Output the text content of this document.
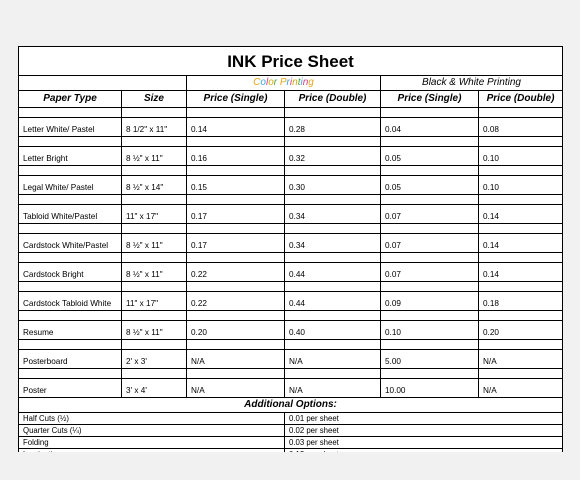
INK Price Sheet					
		Color Printing		Black & White Printing	
Paper Type	Size	Price (Single)	Price (Double)	Price (Single)	Price (Double)

Letter White/ Pastel	8 1/2" x 11"	0.14	0.28	0.04	0.08

Letter Bright	8 ½" x 11"	0.16	0.32	0.05	0.10

Legal White/ Pastel	8 ½" x 14"	0.15	0.30	0.05	0.10

Tabloid White/Pastel	11" x 17"	0.17	0.34	0.07	0.14

Cardstock White/Pastel	8 ½" x 11"	0.17	0.34	0.07	0.14

Cardstock Bright	8 ½" x 11"	0.22	0.44	0.07	0.14

Cardstock Tabloid White	11" x 17"	0.22	0.44	0.09	0.18

Resume	8 ½" x 11"	0.20	0.40	0.10	0.20

Posterboard	2' x 3'	N/A	N/A	5.00	N/A

Poster	3' x 4'	N/A	N/A	10.00	N/A
Additional Options:					
Half Cuts (½)			0.01 per sheet		
Quarter Cuts (¼)			0.02 per sheet		
Folding			0.03 per sheet		
